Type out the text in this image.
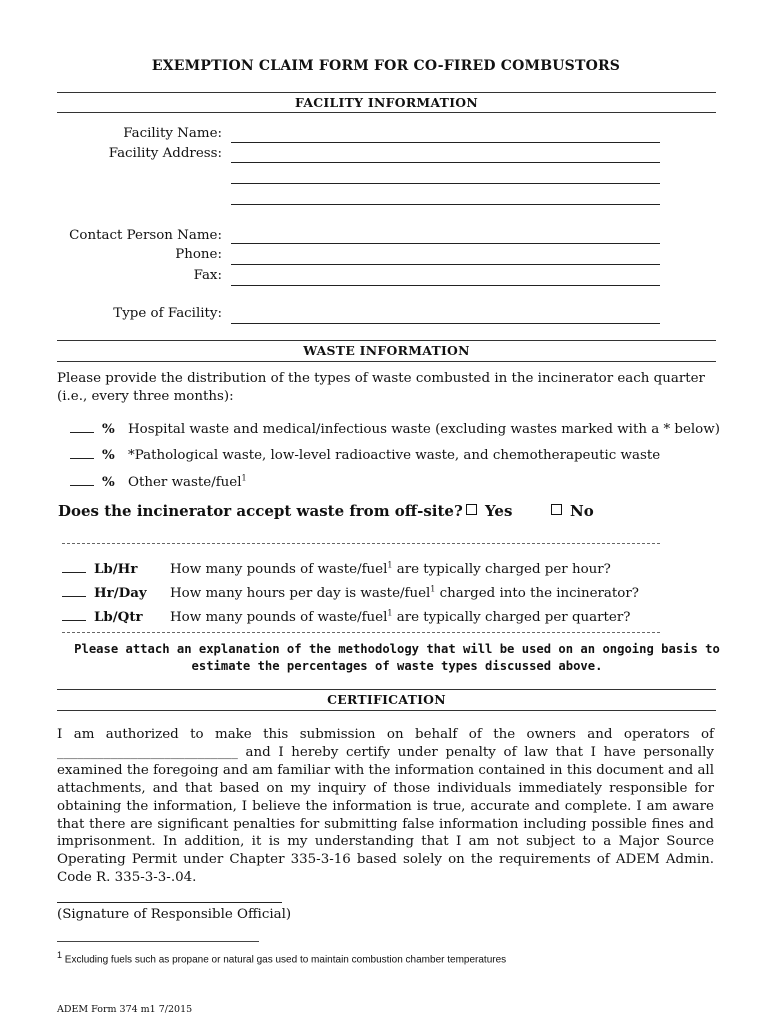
EXEMPTION CLAIM FORM FOR CO-FIRED COMBUSTORS
FACILITY INFORMATION
Facility Name:
Facility Address:
Contact Person Name:
Phone:
Fax:
Type of Facility:
WASTE INFORMATION
Please provide the distribution of the types of waste combusted in the incinerator each quarter (i.e., every three months):
% Hospital waste and medical/infectious waste (excluding wastes marked with a * below)
% *Pathological waste, low-level radioactive waste, and chemotherapeutic waste
% Other waste/fuel$^1$
Does the incinerator accept waste from off-site?	Yes	No
Lb/Hr How many pounds of waste/fuel$^1$ are typically charged per hour?
Hr/Day How many hours per day is waste/fuel$^1$ charged into the incinerator?
Lb/Qtr How many pounds of waste/fuel$^1$ are typically charged per quarter?
Please attach an explanation of the methodology that will be used on an ongoing basis to
estimate the percentages of waste types discussed above.
CERTIFICATION
I am authorized to make this submission on behalf of the owners and operators of
___________________________ and I hereby certify under penalty of law that I have personally
examined the foregoing and am familiar with the information contained in this document and all attachments, and that based on my inquiry of those individuals immediately responsible for obtaining the information, I believe the information is true, accurate and complete. I am aware that there are significant penalties for submitting false information including possible fines and imprisonment. In addition, it is my understanding that I am not subject to a Major Source Operating Permit under Chapter 335-3-16 based solely on the requirements of ADEM Admin. Code R. 335-3-3-.04.
(Signature of Responsible Official)
$^1$ Excluding fuels such as propane or natural gas used to maintain combustion chamber temperatures
ADEM Form 374 m1 7/2015
